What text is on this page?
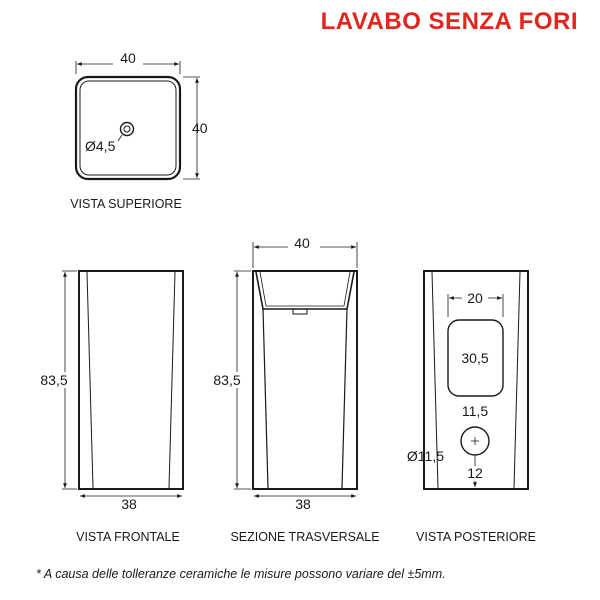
LAVABO SENZA FORI
Ø4,5
40
40
VISTA SUPERIORE
83,5
38
VISTA FRONTALE
40
83,5
38
SEZIONE TRASVERSALE
20
30,5
11,5
Ø11,5
12
VISTA POSTERIORE

* A causa delle tolleranze ceramiche le misure possono variare del ±5mm.
